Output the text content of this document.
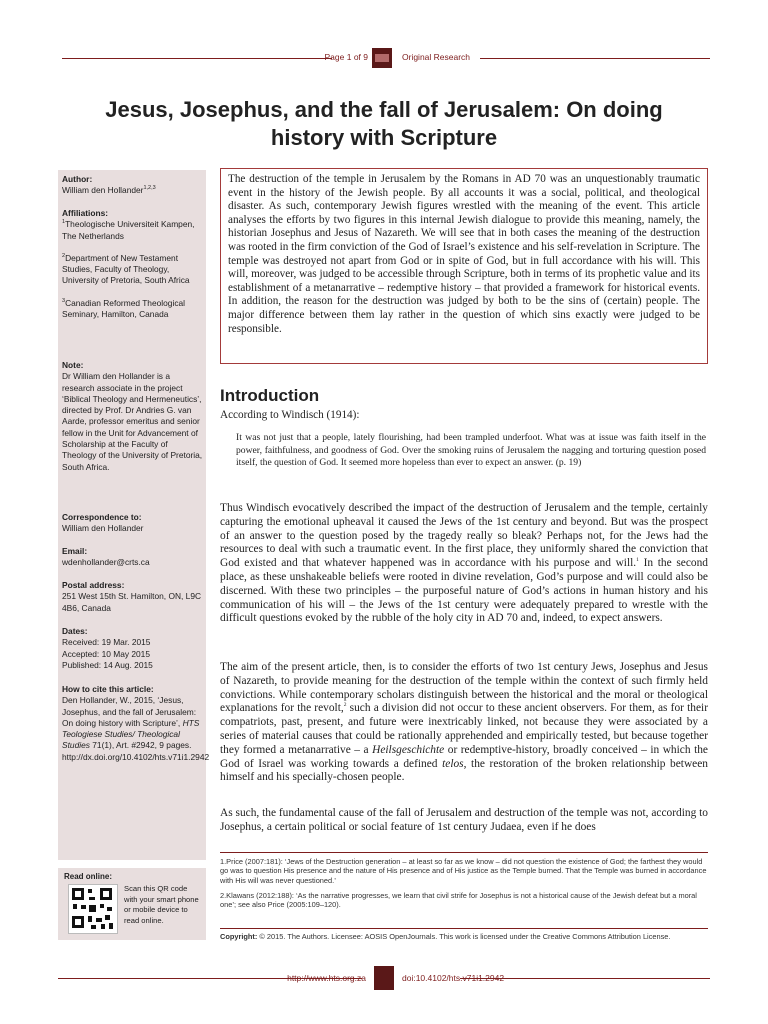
Page 1 of 9	Original Research
Jesus, Josephus, and the fall of Jerusalem: On doing
history with Scripture
Author:
William den Hollander$^{1,2,3}$
Affiliations:
$^1$Theologische Universiteit Kampen, The Netherlands
$^2$Department of New Testament Studies, Faculty of Theology, University of Pretoria, South Africa
$^3$Canadian Reformed Theological Seminary, Hamilton, Canada
Note:
Dr William den Hollander is a research associate in the project ‘Biblical Theology and Hermeneutics’, directed by Prof. Dr Andries G. van Aarde, professor emeritus and senior fellow in the Unit for Advancement of Scholarship at the Faculty of Theology of the University of Pretoria, South Africa.
Correspondence to:
William den Hollander
Email:
wdenhollander@crts.ca
Postal address:
251 West 15th St. Hamilton, ON, L9C 4B6, Canada
Dates:
Received: 19 Mar. 2015
Accepted: 10 May 2015
Published: 14 Aug. 2015
How to cite this article:
Den Hollander, W., 2015, ‘Jesus, Josephus, and the fall of Jerusalem: On doing history with Scripture’, HTS Teologiese Studies/ Theological Studies 71(1), Art. #2942, 9 pages. http://dx.doi.org/10.4102/hts.v71i1.2942
Read online:
Scan this QR code with your smart phone or mobile device to read online.
The destruction of the temple in Jerusalem by the Romans in AD 70 was an unquestionably traumatic event in the history of the Jewish people. By all accounts it was a social, political, and theological disaster. As such, contemporary Jewish figures wrestled with the meaning of the event. This article analyses the efforts by two figures in this internal Jewish dialogue to provide this meaning, namely, the historian Josephus and Jesus of Nazareth. We will see that in both cases the meaning of the destruction was rooted in the firm conviction of the God of Israel’s existence and his self-revelation in Scripture. The temple was destroyed not apart from God or in spite of God, but in full accordance with his will. This will, moreover, was judged to be accessible through Scripture, both in terms of its prophetic value and its establishment of a metanarrative – redemptive history – that provided a framework for historical events. In addition, the reason for the destruction was judged by both to be the sins of (certain) people. The major difference between them lay rather in the question of which sins exactly were judged to be responsible.
Introduction
According to Windisch (1914):
It was not just that a people, lately flourishing, had been trampled underfoot. What was at issue was faith itself in the power, faithfulness, and goodness of God. Over the smoking ruins of Jerusalem the nagging and torturing question posed itself, the question of God. It seemed more hopeless than ever to expect an answer. (p. 19)
Thus Windisch evocatively described the impact of the destruction of Jerusalem and the temple, certainly capturing the emotional upheaval it caused the Jews of the 1st century and beyond. But was the prospect of an answer to the question posed by the tragedy really so bleak? Perhaps not, for the Jews had the resources to deal with such a traumatic event. In the first place, they uniformly shared the conviction that God existed and that whatever happened was in accordance with his purpose and will.$^1$ In the second place, as these unshakeable beliefs were rooted in divine revelation, God’s purpose and will could also be discerned. With these two principles – the purposeful nature of God’s actions in human history and his communication of his will – the Jews of the 1st century were adequately prepared to wrestle with the difficult questions evoked by the rubble of the holy city in AD 70 and, indeed, to expect answers.
The aim of the present article, then, is to consider the efforts of two 1st century Jews, Josephus and Jesus of Nazareth, to provide meaning for the destruction of the temple within the context of such firmly held convictions. While contemporary scholars distinguish between the historical and the moral or theological explanations for the revolt,$^2$ such a division did not occur to these ancient observers. For them, as for their compatriots, past, present, and future were inextricably linked, not because they were associated by a series of material causes that could be rationally apprehended and empirically tested, but because together they formed a metanarrative – a Heilsgeschichte or redemptive-history, broadly conceived – in which the God of Israel was working towards a defined telos, the restoration of the broken relationship between himself and his specially-chosen people.
As such, the fundamental cause of the fall of Jerusalem and destruction of the temple was not, according to Josephus, a certain political or social feature of 1st century Judaea, even if he does
1.Price (2007:181): ‘Jews of the Destruction generation – at least so far as we know – did not question the existence of God; the farthest they would go was to question His presence and the nature of His presence and of His justice as the Temple burned. That the Temple was burned in accordance with His will was never questioned.’
2.Klawans (2012:188): ‘As the narrative progresses, we learn that civil strife for Josephus is not a historical cause of the Jewish defeat but a moral one’; see also Price (2005:109–120).
Copyright: © 2015. The Authors. Licensee: AOSIS OpenJournals. This work is licensed under the Creative Commons Attribution License.
http://www.hts.org.za	doi:10.4102/hts.v71i1.2942
